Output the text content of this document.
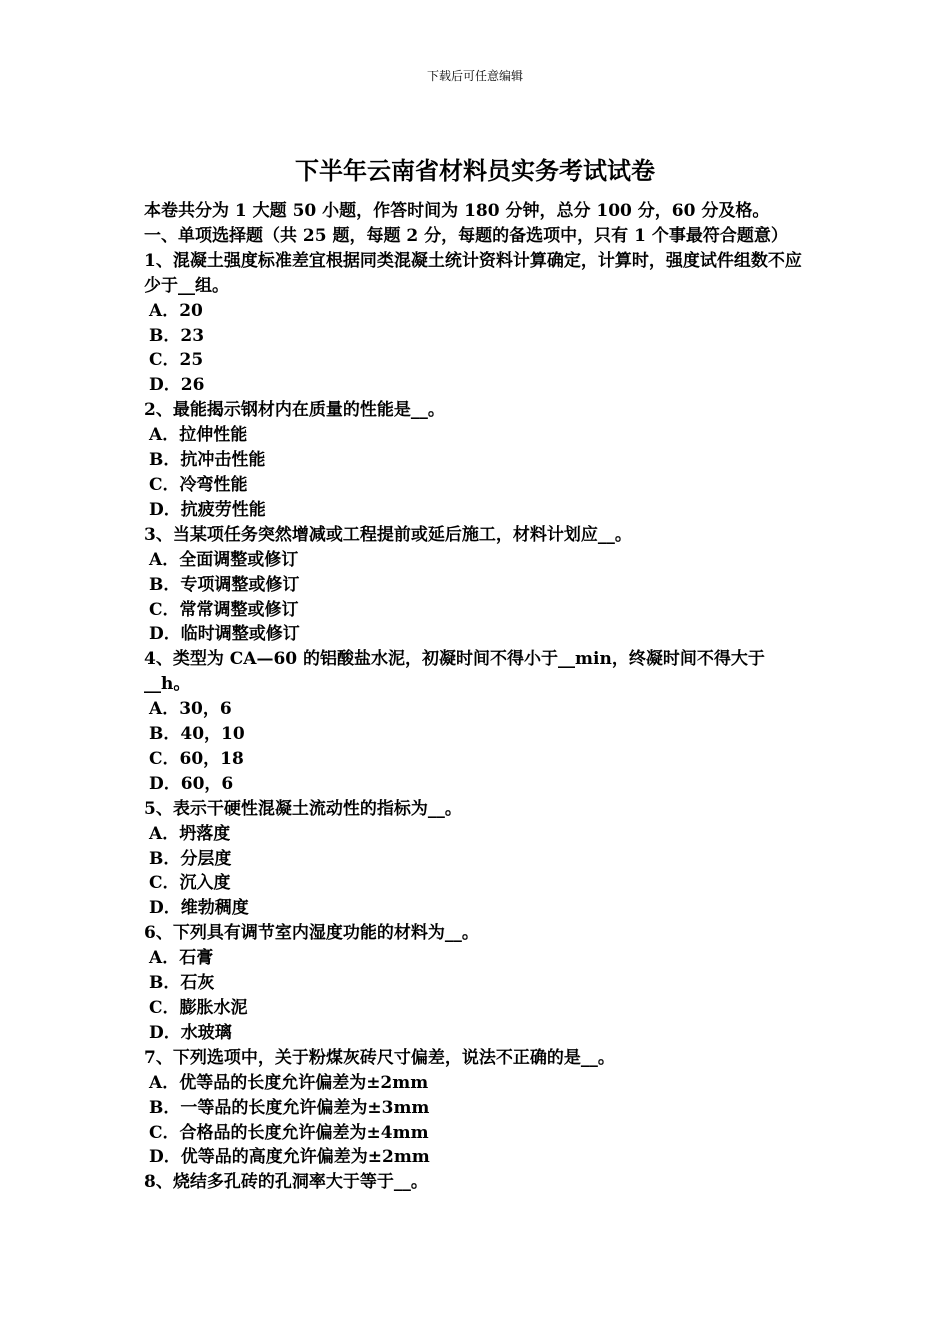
下载后可任意编辑
下半年云南省材料员实务考试试卷

本卷共分为 1 大题 50 小题，作答时间为 180 分钟，总分 100 分，60 分及格。

一、单项选择题（共 25 题，每题 2 分，每题的备选项中，只有 1 个事最符合题意）

1、混凝土强度标准差宜根据同类混凝土统计资料计算确定，计算时，强度试件组数不应少于__组。

A．20

B．23

C．25

D．26

2、最能揭示钢材内在质量的性能是__。

A．拉伸性能

B．抗冲击性能

C．冷弯性能

D．抗疲劳性能

3、当某项任务突然增减或工程提前或延后施工，材料计划应__。

A．全面调整或修订

B．专项调整或修订

C．常常调整或修订

D．临时调整或修订

4、类型为 CA—60 的铝酸盐水泥，初凝时间不得小于__min，终凝时间不得大于__h。

A．30，6

B．40，10

C．60，18

D．60，6

5、表示干硬性混凝土流动性的指标为__。

A．坍落度

B．分层度

C．沉入度

D．维勃稠度

6、下列具有调节室内湿度功能的材料为__。

A．石膏

B．石灰

C．膨胀水泥

D．水玻璃

7、下列选项中，关于粉煤灰砖尺寸偏差，说法不正确的是__。

A．优等品的长度允许偏差为±2mm

B．一等品的长度允许偏差为±3mm

C．合格品的长度允许偏差为±4mm

D．优等品的高度允许偏差为±2mm

8、烧结多孔砖的孔洞率大于等于__。
